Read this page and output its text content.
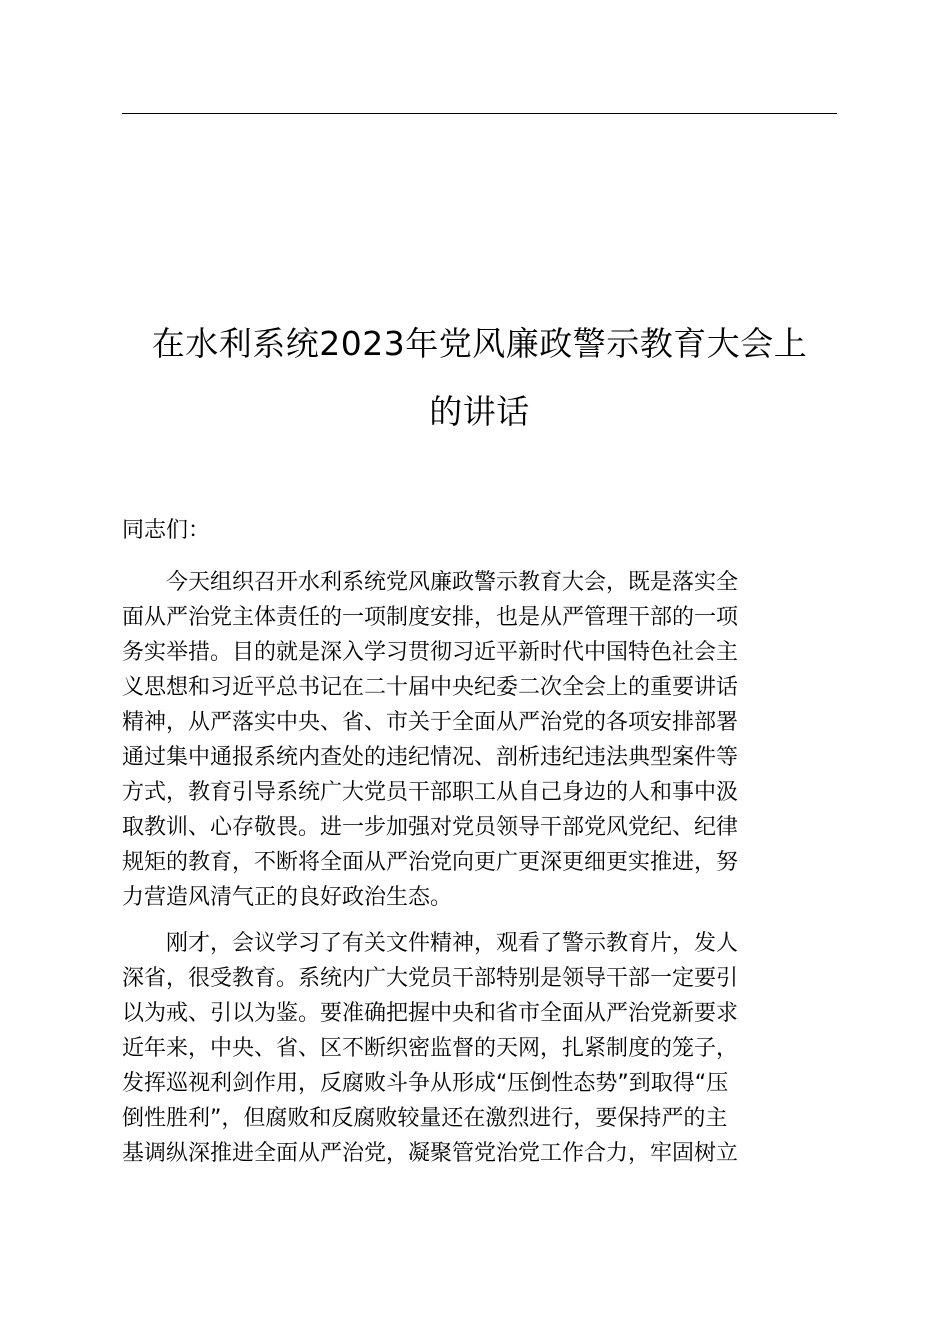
在水利系统2023年党风廉政警示教育大会上
的讲话
同志们：
今天组织召开水利系统党风廉政警示教育大会，既是落实全
面从严治党主体责任的一项制度安排，也是从严管理干部的一项
务实举措。目的就是深入学习贯彻习近平新时代中国特色社会主
义思想和习近平总书记在二十届中央纪委二次全会上的重要讲话
精神，从严落实中央、省、市关于全面从严治党的各项安排部署
通过集中通报系统内查处的违纪情况、剖析违纪违法典型案件等
方式，教育引导系统广大党员干部职工从自己身边的人和事中汲
取教训、心存敬畏。进一步加强对党员领导干部党风党纪、纪律
规矩的教育，不断将全面从严治党向更广更深更细更实推进，努
力营造风清气正的良好政治生态。
刚才，会议学习了有关文件精神，观看了警示教育片，发人
深省，很受教育。系统内广大党员干部特别是领导干部一定要引
以为戒、引以为鉴。要准确把握中央和省市全面从严治党新要求
近年来，中央、省、区不断织密监督的天网，扎紧制度的笼子，
发挥巡视利剑作用，反腐败斗争从形成“压倒性态势”到取得“压
倒性胜利”，但腐败和反腐败较量还在激烈进行，要保持严的主
基调纵深推进全面从严治党，凝聚管党治党工作合力，牢固树立
